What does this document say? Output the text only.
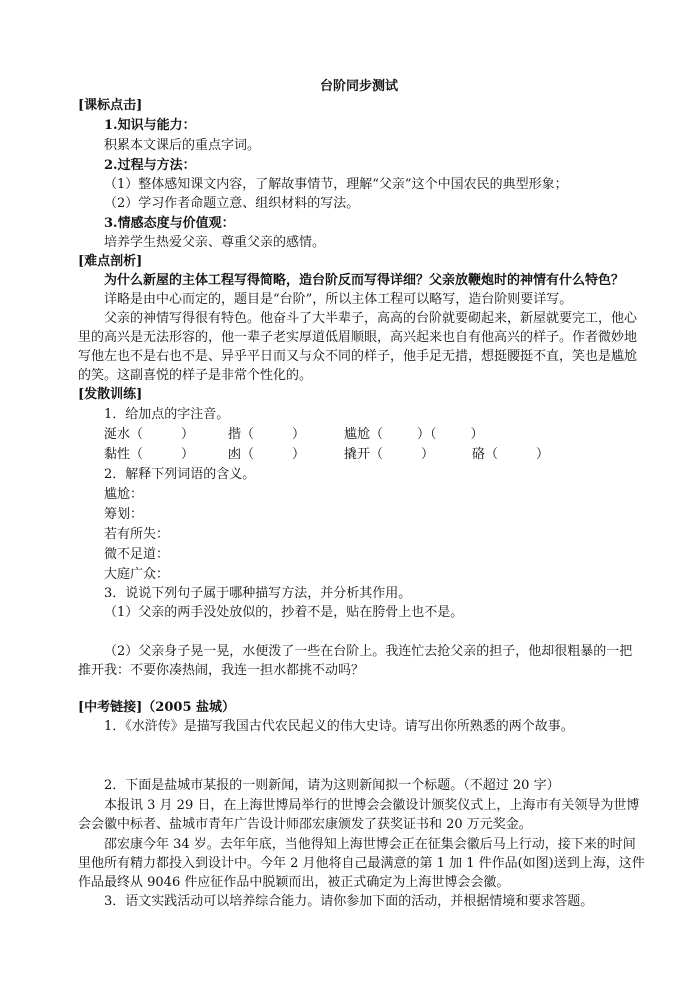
台阶同步测试
[课标点击]
1.知识与能力：
积累本文课后的重点字词。
2.过程与方法：
（1）整体感知课文内容，了解故事情节，理解“父亲”这个中国农民的典型形象；
（2）学习作者命题立意、组织材料的写法。
3.情感态度与价值观：
培养学生热爱父亲、尊重父亲的感情。
[难点剖析]
为什么新屋的主体工程写得简略，造台阶反而写得详细？父亲放鞭炮时的神情有什么特色？
详略是由中心而定的，题目是“台阶”，所以主体工程可以略写，造台阶则要详写。
父亲的神情写得很有特色。他奋斗了大半辈子，高高的台阶就要砌起来，新屋就要完工，他心
里的高兴是无法形容的，他一辈子老实厚道低眉顺眼，高兴起来也自有他高兴的样子。作者微妙地
写他左也不是右也不是、异乎平日而又与众不同的样子，他手足无措，想挺腰挺不直，笑也是尴尬
的笑。这副喜悦的样子是非常个性化的。
[发散训练]
1．给加点的字注音。
涎水（	）	揩（	）	尴尬（	）（	）
黏性（	）	凼（	）	撬开（	）	硌（	）
2．解释下列词语的含义。
尴尬：
筹划：
若有所失：
微不足道：
大庭广众：
3．说说下列句子属于哪种描写方法，并分析其作用。
（1）父亲的两手没处放似的，抄着不是，贴在胯骨上也不是。
（2）父亲身子晃一晃，水便泼了一些在台阶上。我连忙去抢父亲的担子，他却很粗暴的一把
推开我：不要你凑热闹，我连一担水都挑不动吗？
[中考链接]（2005 盐城）
1．《水浒传》是描写我国古代农民起义的伟大史诗。请写出你所熟悉的两个故事。
2．下面是盐城市某报的一则新闻，请为这则新闻拟一个标题。（不超过 20 字）
本报讯 3 月 29 日，在上海世博局举行的世博会会徽设计颁奖仪式上，上海市有关领导为世博
会会徽中标者、盐城市青年广告设计师邵宏康颁发了获奖证书和 20 万元奖金。
邵宏康今年 34 岁。去年年底，当他得知上海世博会正在征集会徽后马上行动，接下来的时间
里他所有精力都投入到设计中。今年 2 月他将自己最满意的第 1 加 1 件作品(如图)送到上海，这件
作品最终从 9046 件应征作品中脱颖而出，被正式确定为上海世博会会徽。
3．语文实践活动可以培养综合能力。请你参加下面的活动，并根据情境和要求答题。
